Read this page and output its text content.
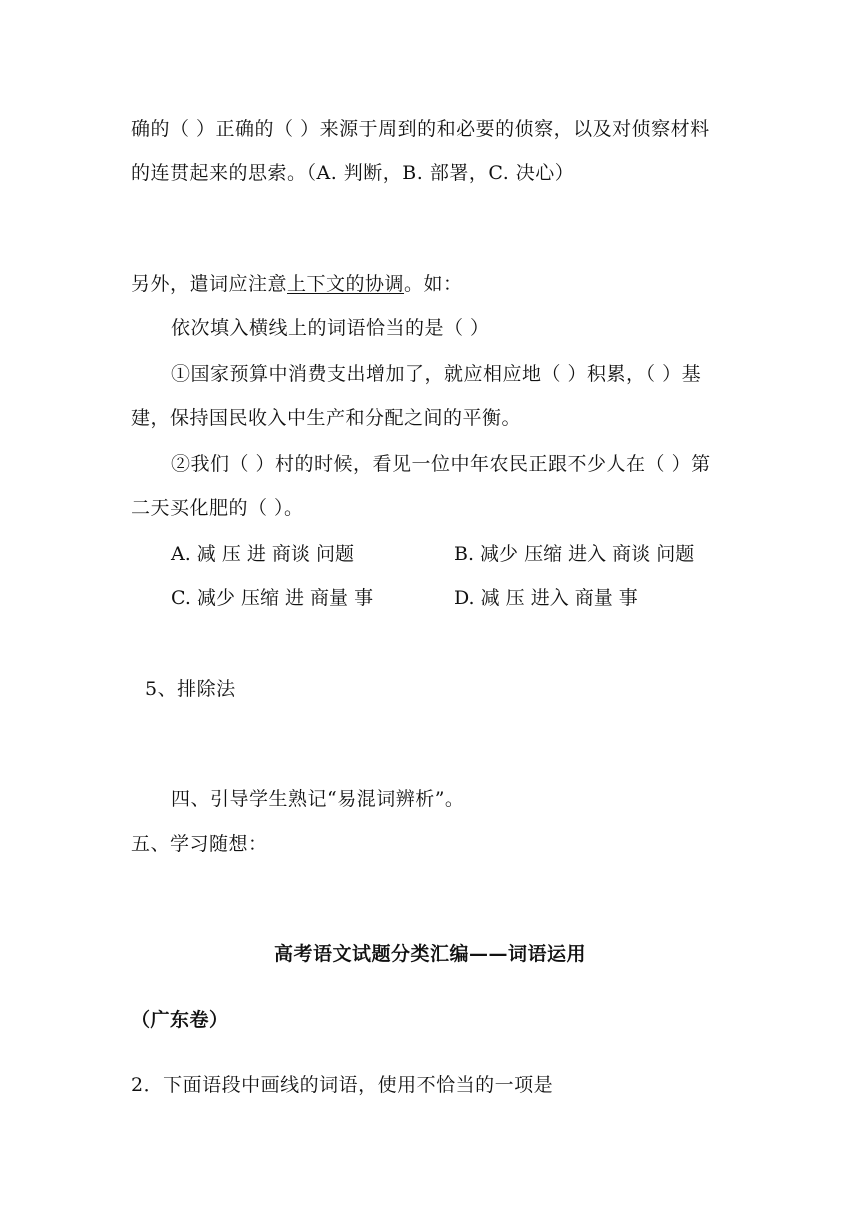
确的（ ）正确的（ ）来源于周到的和必要的侦察，以及对侦察材料
的连贯起来的思索。（A. 判断，B. 部署，C. 决心）
另外，遣词应注意上下文的协调。如：
依次填入横线上的词语恰当的是（ ）
①国家预算中消费支出增加了，就应相应地（ ）积累，（ ）基
建，保持国民收入中生产和分配之间的平衡。
②我们（ ）村的时候，看见一位中年农民正跟不少人在（ ）第
二天买化肥的（ ）。
A. 减 压 进 商谈 问题	B. 减少 压缩 进入 商谈 问题
C. 减少 压缩 进 商量 事	D. 减 压 进入 商量 事
5、排除法
四、引导学生熟记“易混词辨析”。
五、学习随想：
高考语文试题分类汇编——词语运用
（广东卷）
2．下面语段中画线的词语，使用不恰当的一项是
